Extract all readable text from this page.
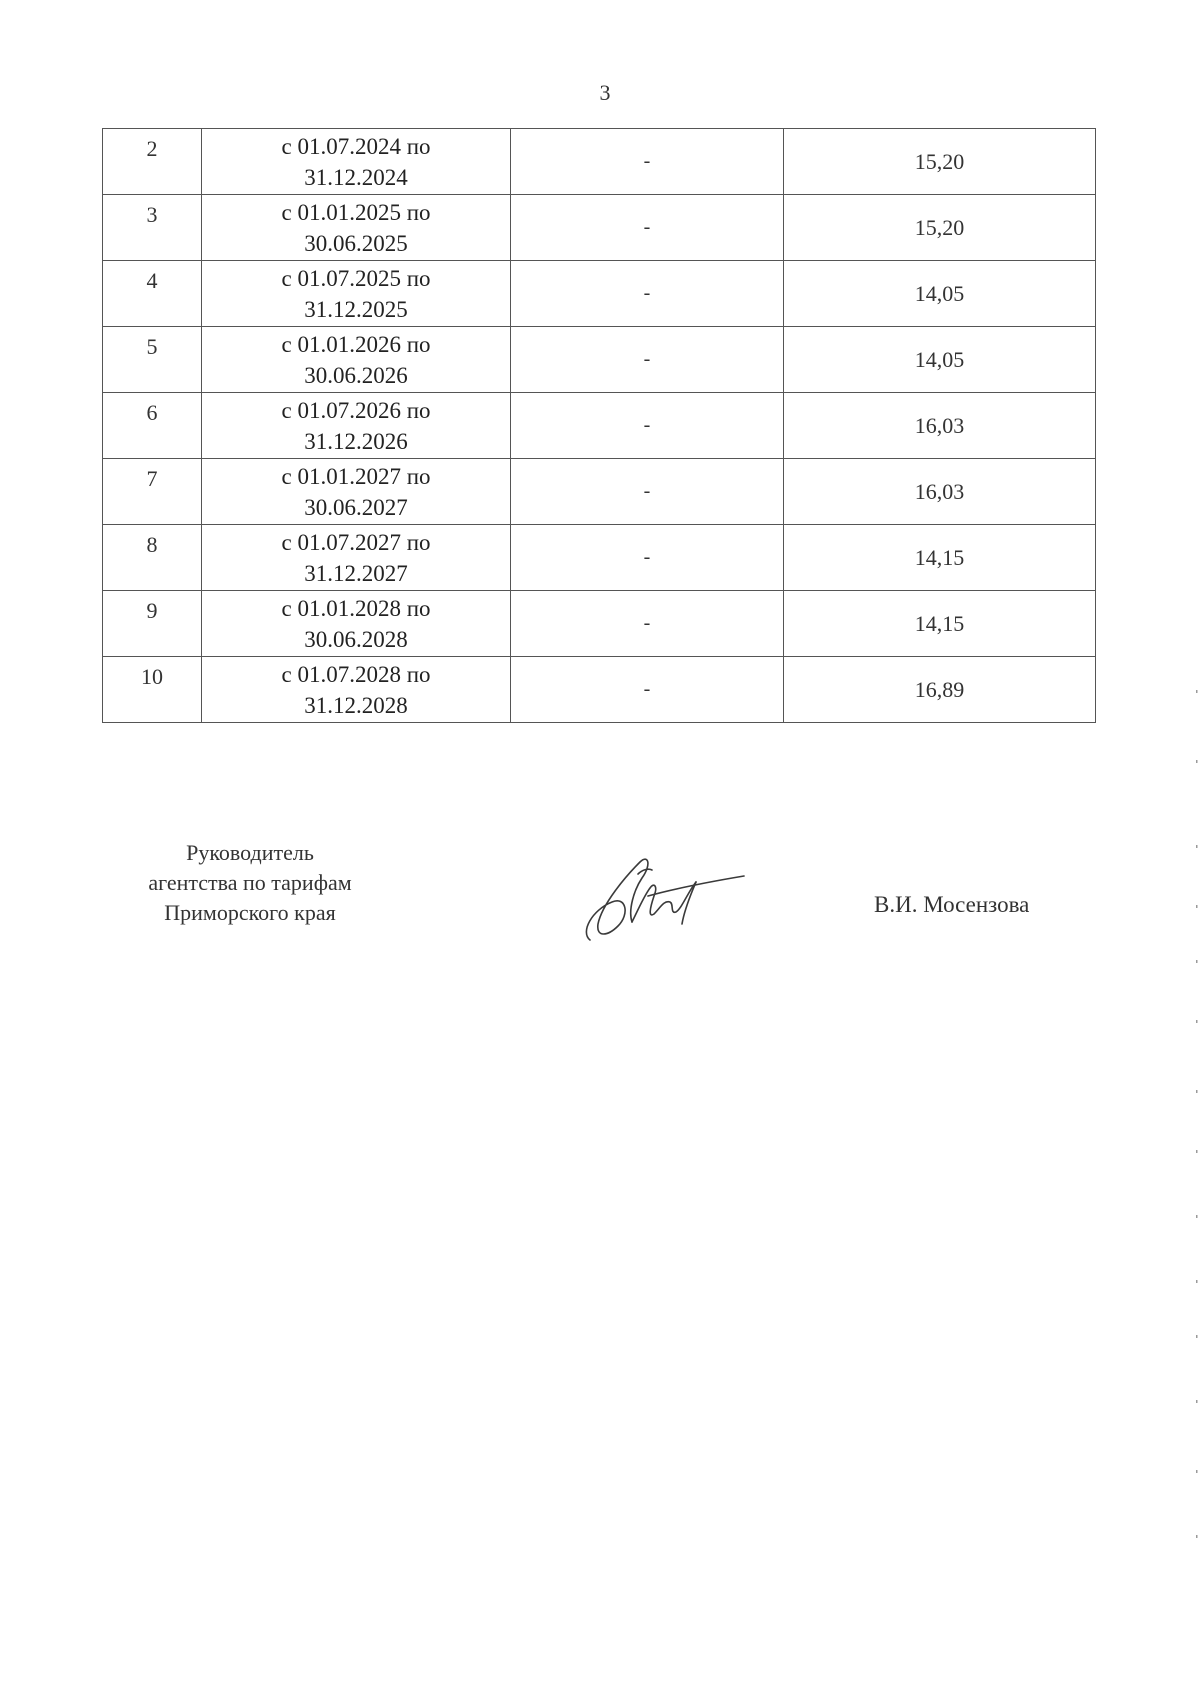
3
2	с 01.07.2024 по
31.12.2024	-	15,20
3	с 01.01.2025 по
30.06.2025	-	15,20
4	с 01.07.2025 по
31.12.2025	-	14,05
5	с 01.01.2026 по
30.06.2026	-	14,05
6	с 01.07.2026 по
31.12.2026	-	16,03
7	с 01.01.2027 по
30.06.2027	-	16,03
8	с 01.07.2027 по
31.12.2027	-	14,15
9	с 01.01.2028 по
30.06.2028	-	14,15
10	с 01.07.2028 по
31.12.2028	-	16,89
Руководитель
агентства по тарифам
Приморского края	В.И. Мосензова
